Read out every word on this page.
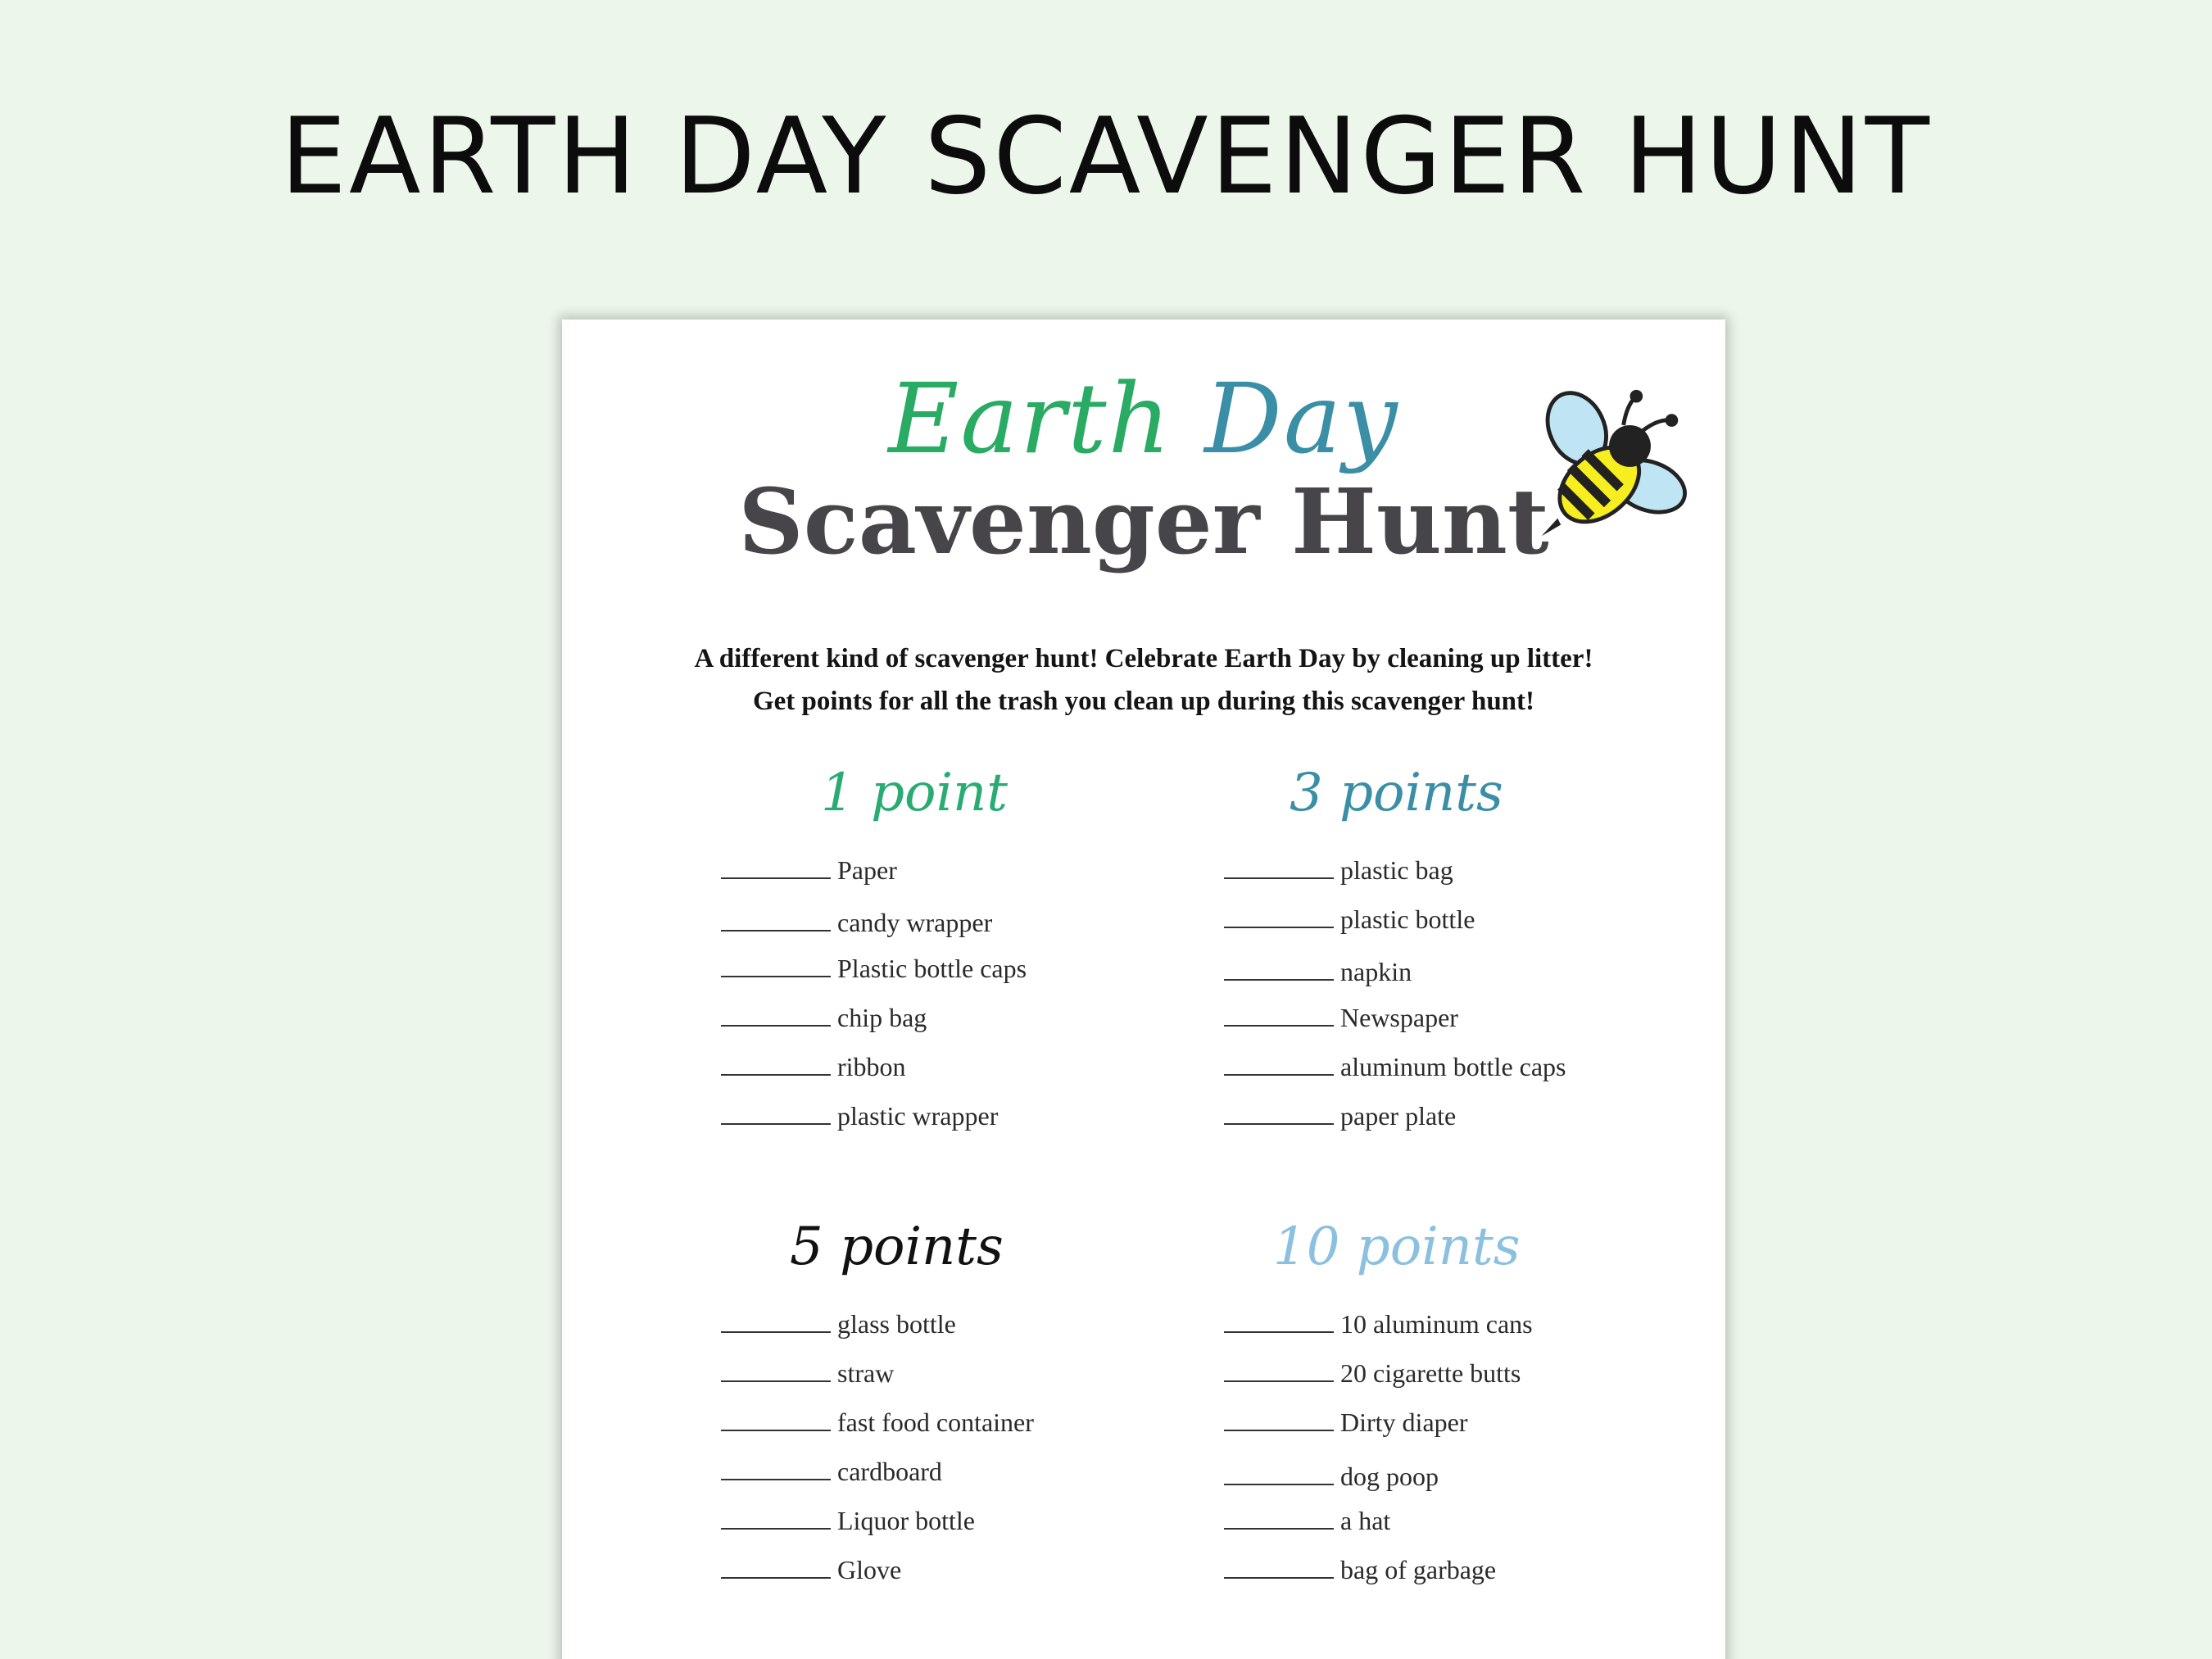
EARTH DAY SCAVENGER HUNT
Earth Day
Scavenger Hunt
A different kind of scavenger hunt! Celebrate Earth Day by cleaning up litter!
Get points for all the trash you clean up during this scavenger hunt!
1 point	3 points
5 points	10 points
Paper
candy wrapper
Plastic bottle caps
chip bag
ribbon
plastic wrapper
plastic bag
plastic bottle
napkin
Newspaper
aluminum bottle caps
paper plate
glass bottle
straw
fast food container
cardboard
Liquor bottle
Glove
10 aluminum cans
20 cigarette butts
Dirty diaper
dog poop
a hat
bag of garbage
